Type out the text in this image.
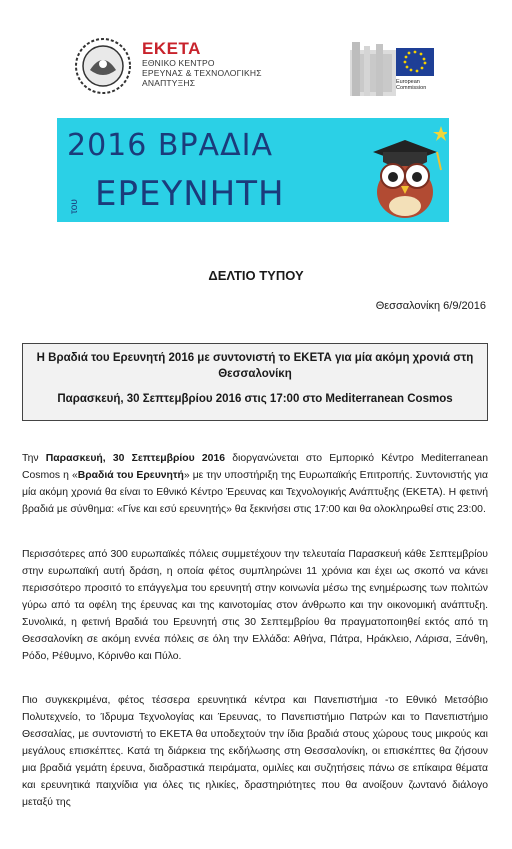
ΕΚΕΤΑ
ΕΘΝΙΚΟ ΚΕΝΤΡΟ
ΕΡΕΥΝΑΣ & ΤΕΧΝΟΛΟΓΙΚΗΣ
ΑΝΑΠΤΥΞΗΣ	European
Commission
2016 ΒΡΑΔΙΑ
του ΕΡΕΥΝΗΤΗ
ΔΕΛΤΙΟ ΤΥΠΟΥ
Θεσσαλονίκη 6/9/2016
Η Βραδιά του Ερευνητή 2016 με συντονιστή το ΕΚΕΤΑ για μία ακόμη χρονιά στη Θεσσαλονίκη
Παρασκευή, 30 Σεπτεμβρίου 2016 στις 17:00 στο Mediterranean Cosmos

Την Παρασκευή, 30 Σεπτεμβρίου 2016 διοργανώνεται στο Εμπορικό Κέντρο Mediterranean Cosmos η «Βραδιά του Ερευνητή» με την υποστήριξη της Ευρωπαϊκής Επιτροπής. Συντονιστής για μία ακόμη χρονιά θα είναι το Εθνικό Κέντρο Έρευνας και Τεχνολογικής Ανάπτυξης (ΕΚΕΤΑ). Η φετινή βραδιά με σύνθημα: «Γίνε και εσύ ερευνητής» θα ξεκινήσει στις 17:00 και θα ολοκληρωθεί στις 23:00.

Περισσότερες από 300 ευρωπαϊκές πόλεις συμμετέχουν την τελευταία Παρασκευή κάθε Σεπτεμβρίου στην ευρωπαϊκή αυτή δράση, η οποία φέτος συμπληρώνει 11 χρόνια και έχει ως σκοπό να κάνει περισσότερο προσιτό το επάγγελμα του ερευνητή στην κοινωνία μέσω της ενημέρωσης των πολιτών γύρω από τα οφέλη της έρευνας και της καινοτομίας στον άνθρωπο και την οικονομική ανάπτυξη. Συνολικά, η φετινή Βραδιά του Ερευνητή στις 30 Σεπτεμβρίου θα πραγματοποιηθεί εκτός από τη Θεσσαλονίκη σε ακόμη εννέα πόλεις σε όλη την Ελλάδα: Αθήνα, Πάτρα, Ηράκλειο, Λάρισα, Ξάνθη, Ρόδο, Ρέθυμνο, Κόρινθο και Πύλο.

Πιο συγκεκριμένα, φέτος τέσσερα ερευνητικά κέντρα και Πανεπιστήμια -το Εθνικό Μετσόβιο Πολυτεχνείο, το Ίδρυμα Τεχνολογίας και Έρευνας, το Πανεπιστήμιο Πατρών και το Πανεπιστήμιο Θεσσαλίας, με συντονιστή το ΕΚΕΤΑ θα υποδεχτούν την ίδια βραδιά στους χώρους τους μικρούς και μεγάλους επισκέπτες. Κατά τη διάρκεια της εκδήλωσης στη Θεσσαλονίκη, οι επισκέπτες θα ζήσουν μια βραδιά γεμάτη έρευνα, διαδραστικά πειράματα, ομιλίες και συζητήσεις πάνω σε επίκαιρα θέματα και ερευνητικά παιχνίδια για όλες τις ηλικίες, δραστηριότητες που θα ανοίξουν ζωντανό διάλογο μεταξύ της
